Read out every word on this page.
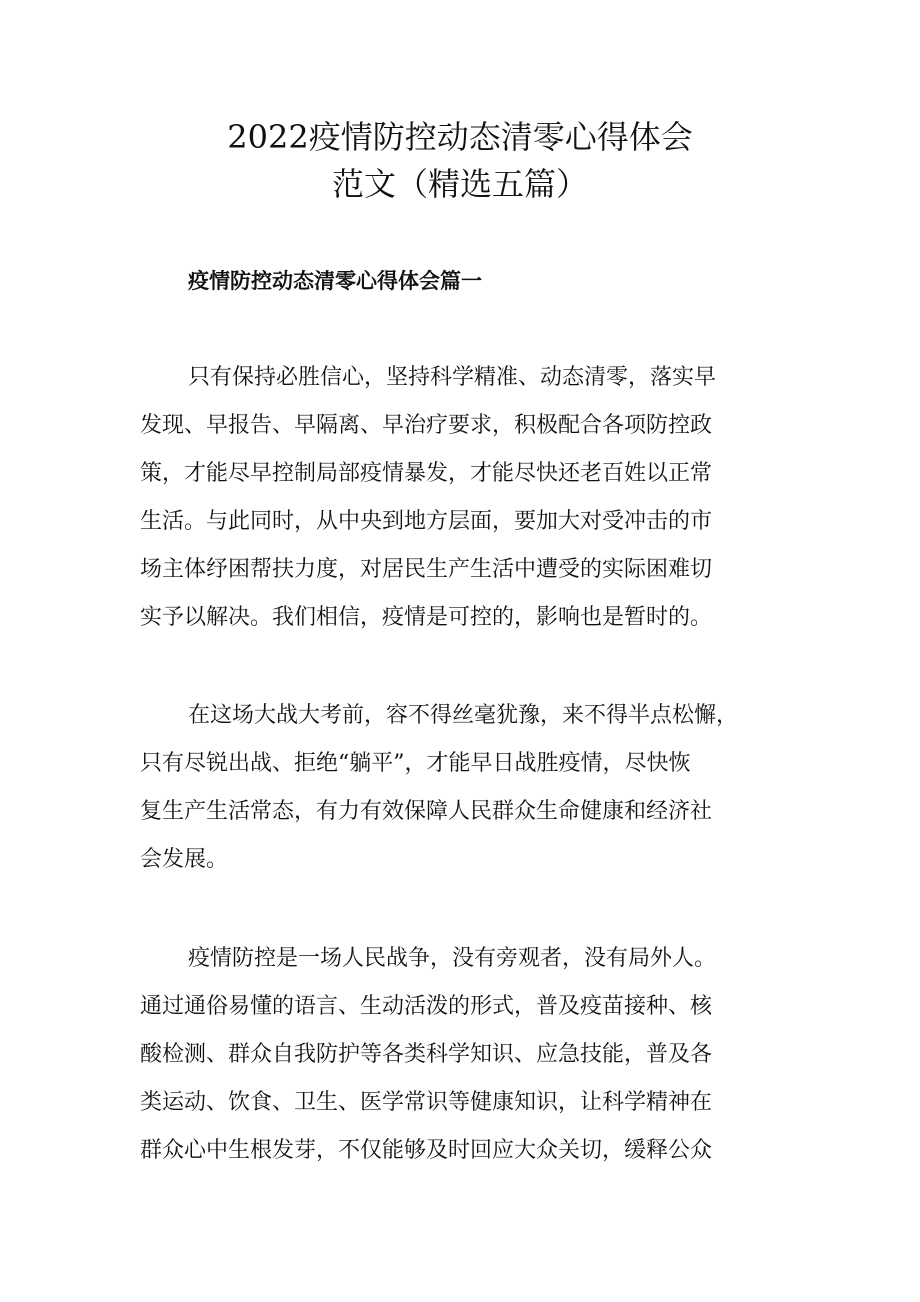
2022疫情防控动态清零心得体会
范文（精选五篇）
疫情防控动态清零心得体会篇一
只有保持必胜信心，坚持科学精准、动态清零，落实早
发现、早报告、早隔离、早治疗要求，积极配合各项防控政
策，才能尽早控制局部疫情暴发，才能尽快还老百姓以正常
生活。与此同时，从中央到地方层面，要加大对受冲击的市
场主体纾困帮扶力度，对居民生产生活中遭受的实际困难切
实予以解决。我们相信，疫情是可控的，影响也是暂时的。
在这场大战大考前，容不得丝毫犹豫，来不得半点松懈，
只有尽锐出战、拒绝“躺平”，才能早日战胜疫情，尽快恢
复生产生活常态，有力有效保障人民群众生命健康和经济社
会发展。
疫情防控是一场人民战争，没有旁观者，没有局外人。
通过通俗易懂的语言、生动活泼的形式，普及疫苗接种、核
酸检测、群众自我防护等各类科学知识、应急技能，普及各
类运动、饮食、卫生、医学常识等健康知识，让科学精神在
群众心中生根发芽，不仅能够及时回应大众关切，缓释公众
